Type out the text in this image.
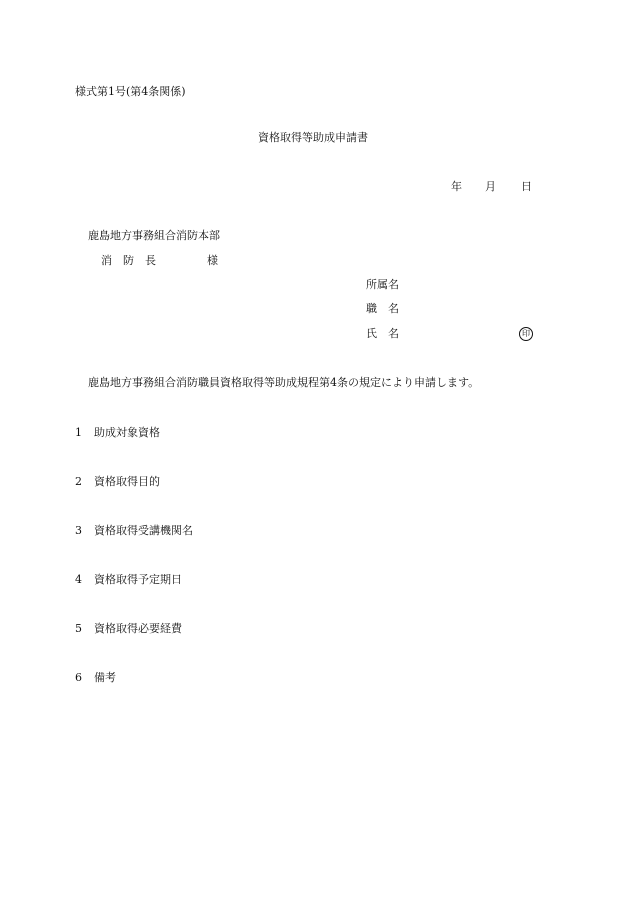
様式第1号(第4条関係)
資格取得等助成申請書
年 月 日
鹿島地方事務組合消防本部
消　防　長	様
所属名
職　名
氏　名	印
鹿島地方事務組合消防職員資格取得等助成規程第4条の規定により申請します。
1 助成対象資格
2 資格取得目的
3 資格取得受講機関名
4 資格取得予定期日
5 資格取得必要経費
6 備考
